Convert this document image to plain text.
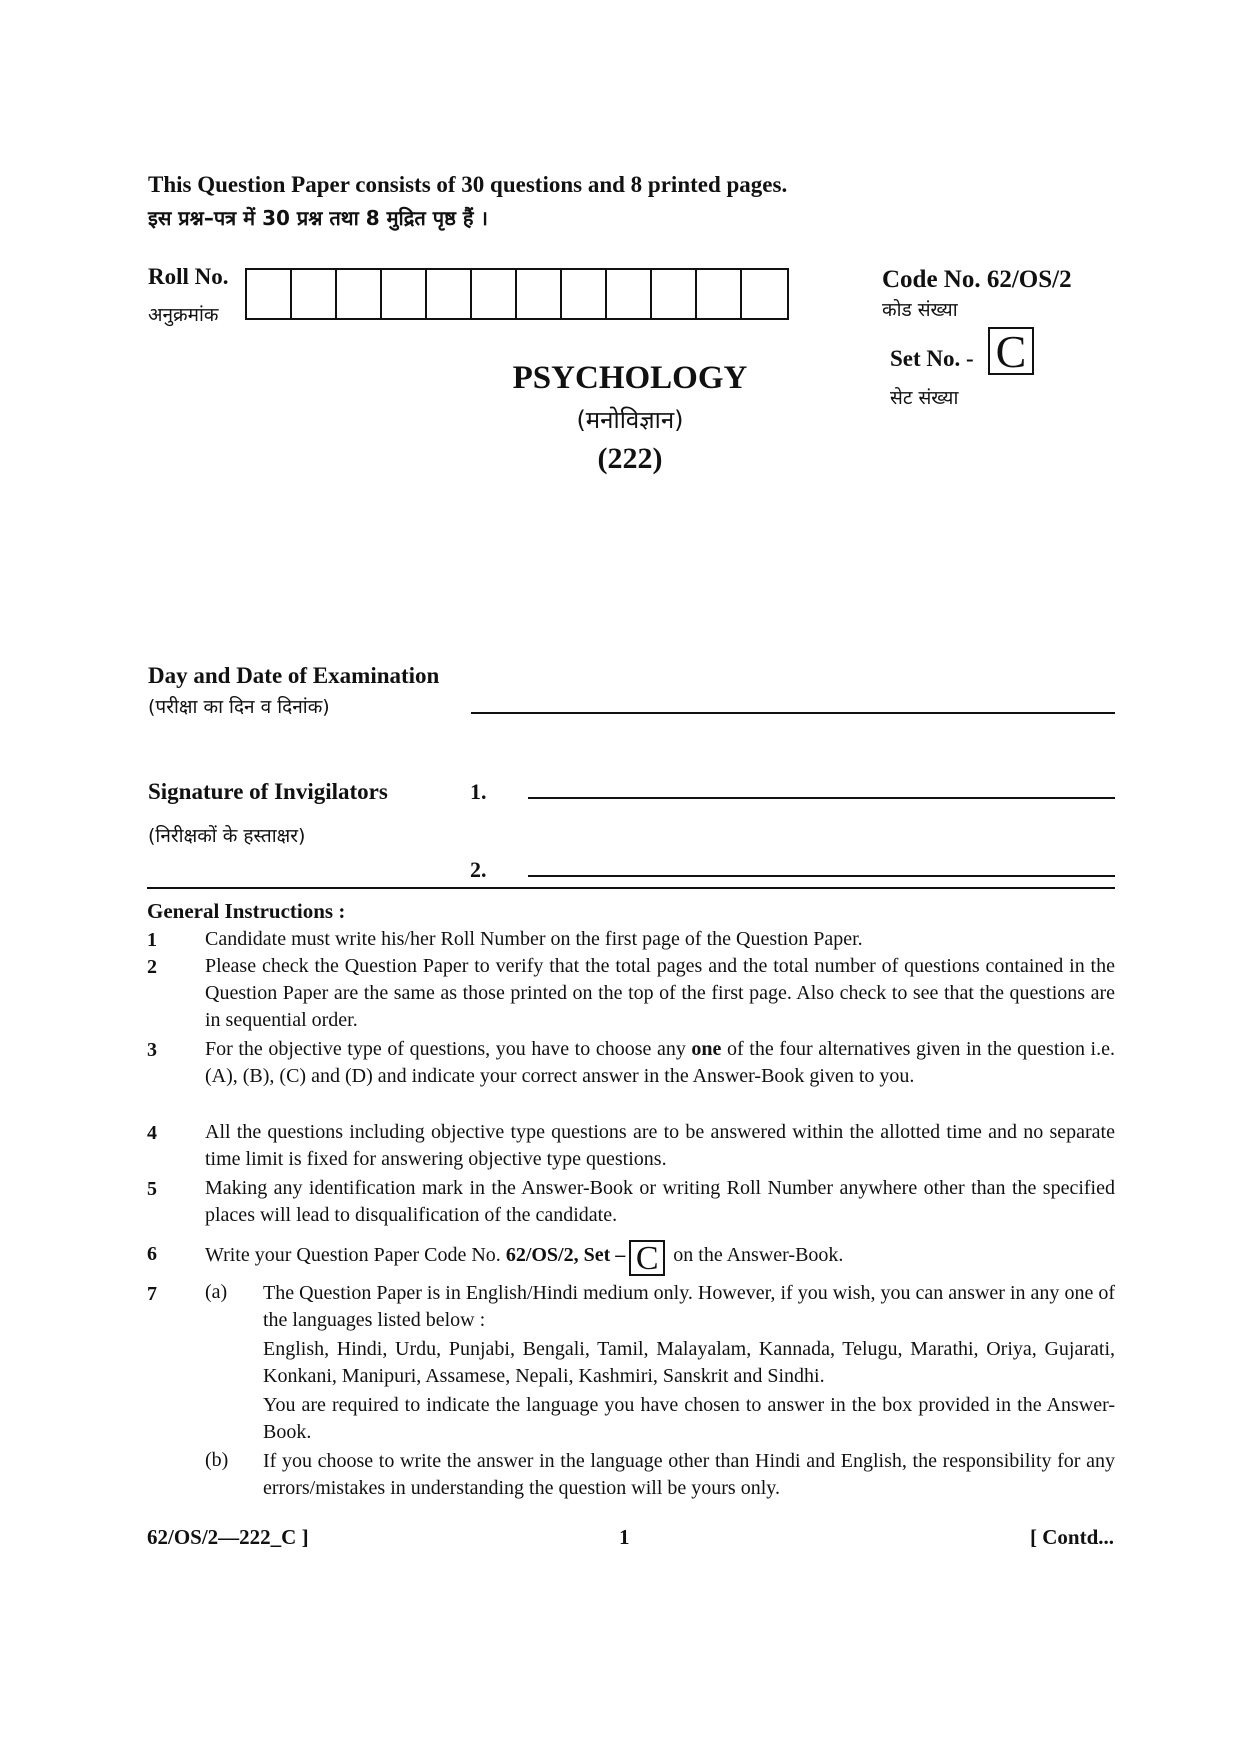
This Question Paper consists of 30 questions and 8 printed pages.
इस प्रश्न–पत्र में 30 प्रश्न तथा 8 मुद्रित पृष्ठ हैं ।
Roll No.
अनुक्रमांक
Code No. 62/OS/2
कोड संख्या
Set No. - C
सेट संख्या
PSYCHOLOGY
(मनोविज्ञान)
(222)
Day and Date of Examination
(परीक्षा का दिन व दिनांक)
Signature of Invigilators
(निरीक्षकों के हस्ताक्षर)
1.
2.
General Instructions :
1 Candidate must write his/her Roll Number on the first page of the Question Paper.
2 Please check the Question Paper to verify that the total pages and the total number of questions contained in the Question Paper are the same as those printed on the top of the first page. Also check to see that the questions are in sequential order.
3 For the objective type of questions, you have to choose any one of the four alternatives given in the question i.e. (A), (B), (C) and (D) and indicate your correct answer in the Answer-Book given to you.
4 All the questions including objective type questions are to be answered within the allotted time and no separate time limit is fixed for answering objective type questions.
5 Making any identification mark in the Answer-Book or writing Roll Number anywhere other than the specified places will lead to disqualification of the candidate.
6 Write your Question Paper Code No. 62/OS/2, Set – C on the Answer-Book.
7 (a) The Question Paper is in English/Hindi medium only. However, if you wish, you can answer in any one of the languages listed below :
English, Hindi, Urdu, Punjabi, Bengali, Tamil, Malayalam, Kannada, Telugu, Marathi, Oriya, Gujarati, Konkani, Manipuri, Assamese, Nepali, Kashmiri, Sanskrit and Sindhi.
You are required to indicate the language you have chosen to answer in the box provided in the Answer-Book.
(b) If you choose to write the answer in the language other than Hindi and English, the responsibility for any errors/mistakes in understanding the question will be yours only.
62/OS/2—222_C ]	1	[ Contd...
